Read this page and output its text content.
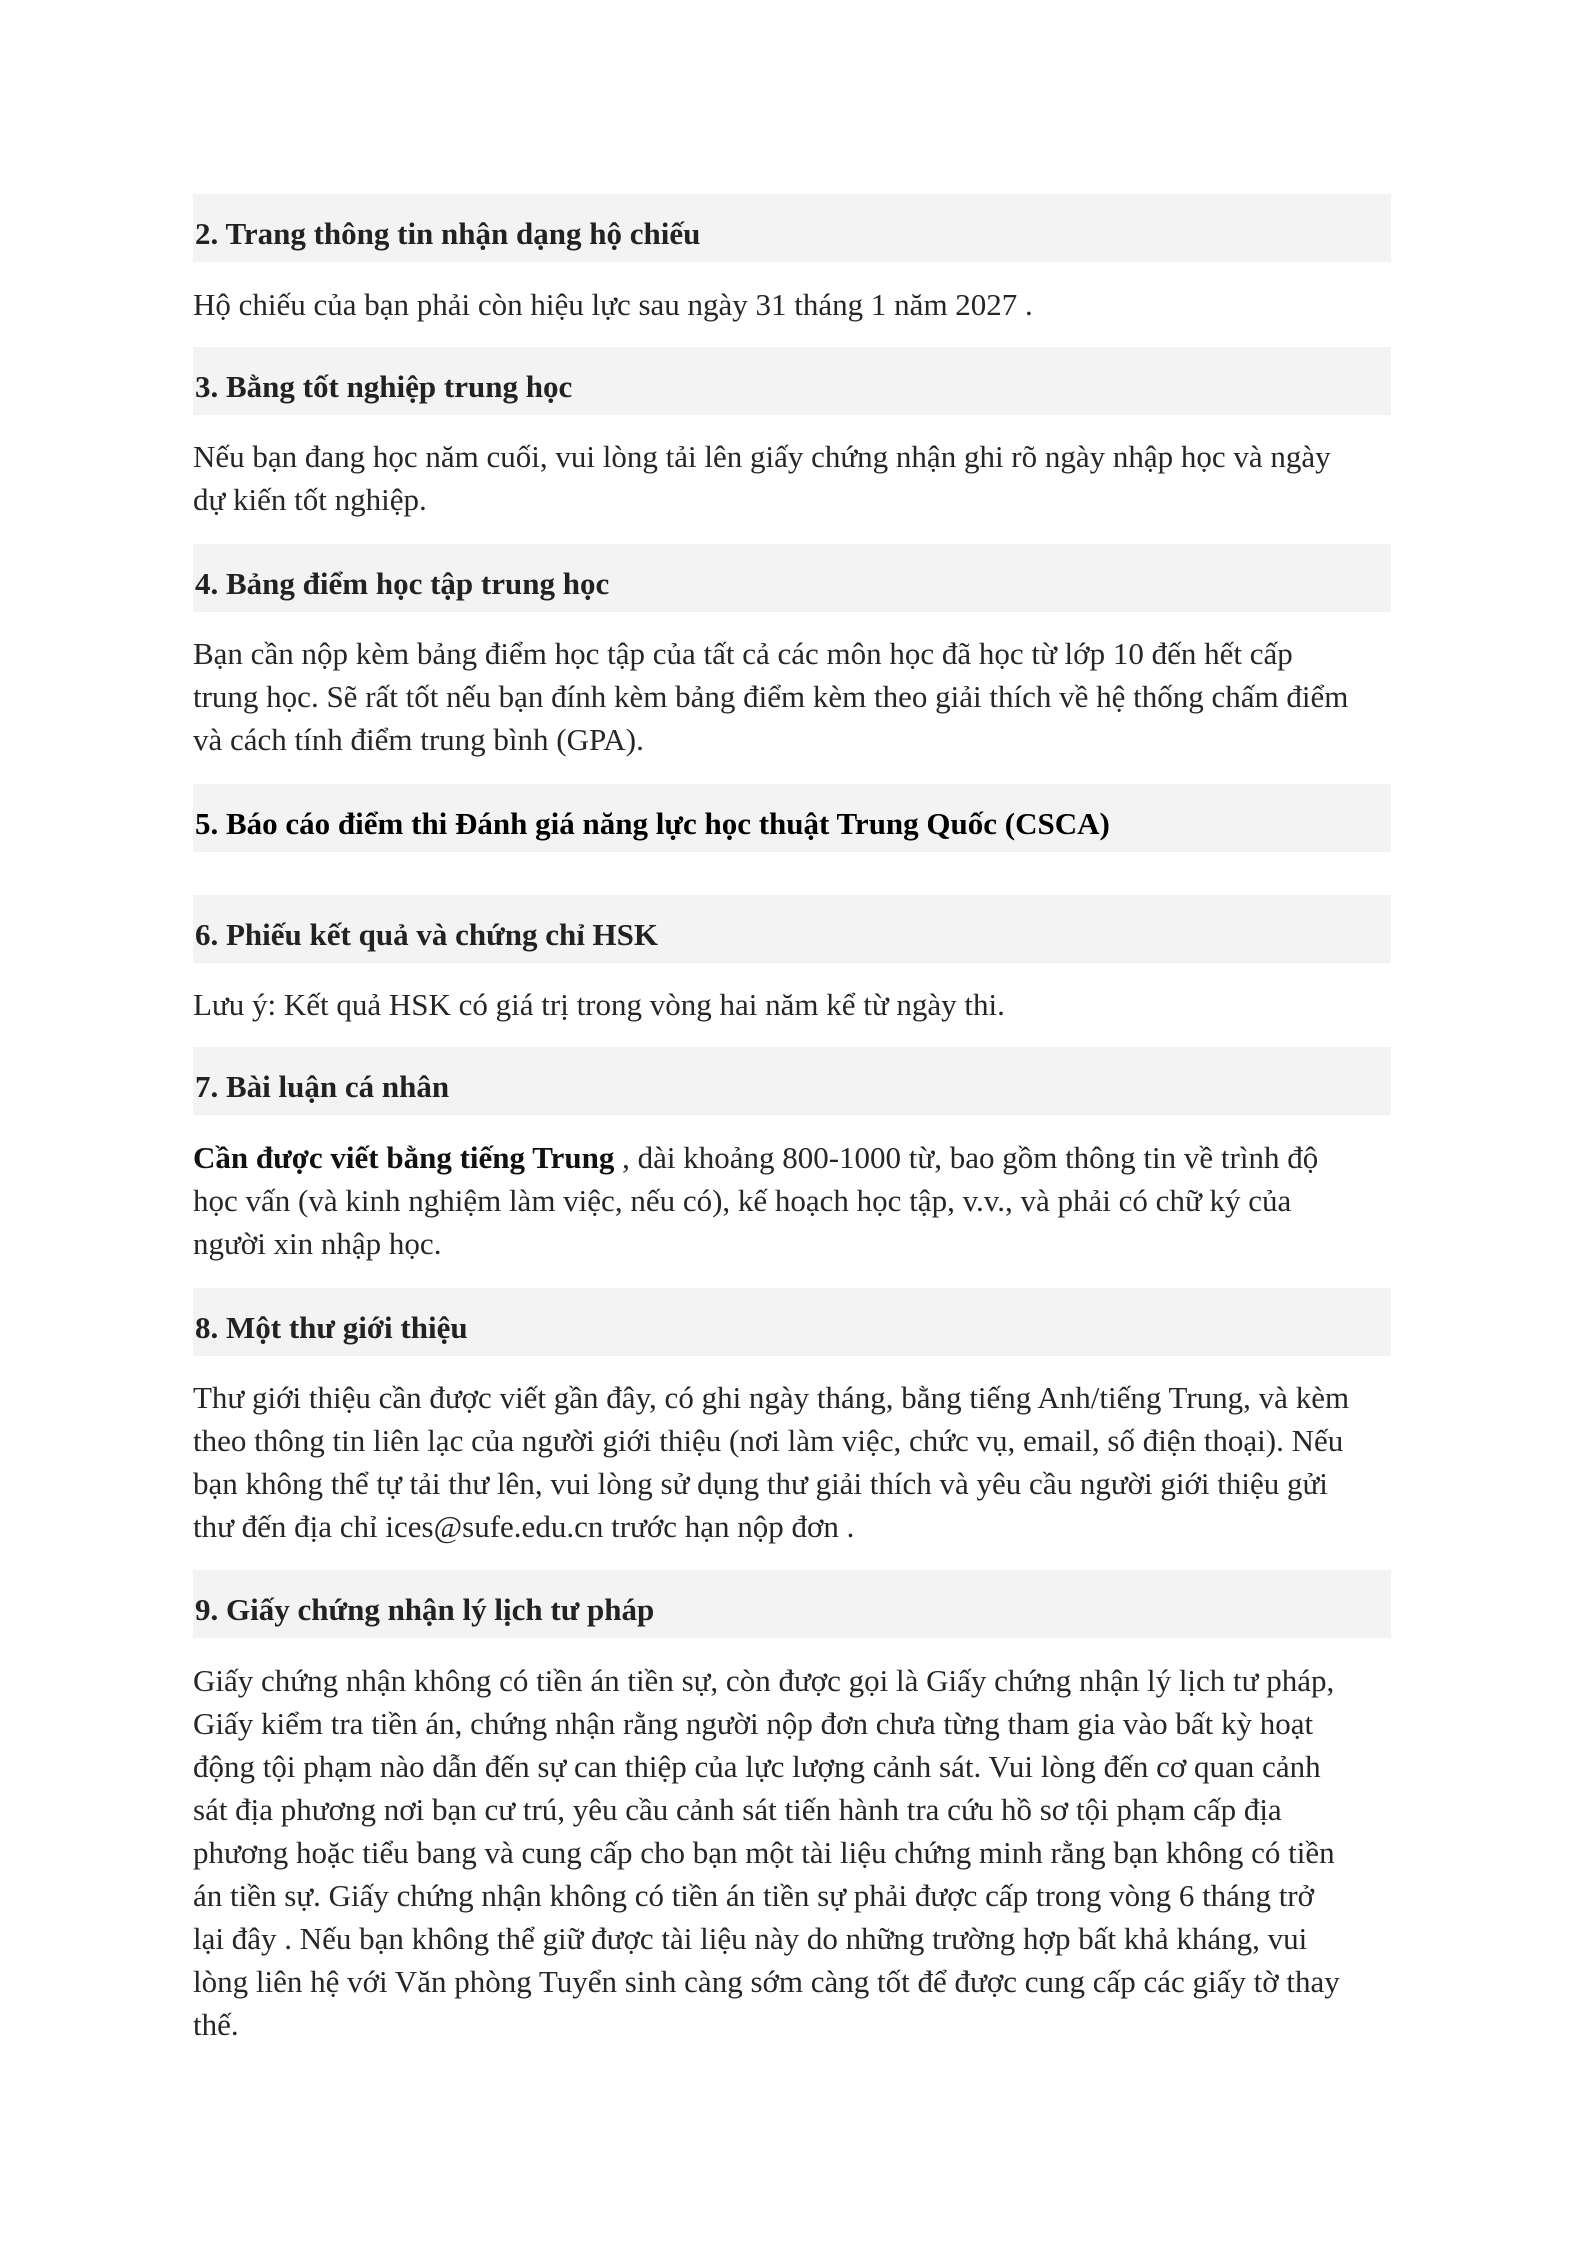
2. Trang thông tin nhận dạng hộ chiếu
Hộ chiếu của bạn phải còn hiệu lực sau ngày 31 tháng 1 năm 2027 .
3. Bằng tốt nghiệp trung học
Nếu bạn đang học năm cuối, vui lòng tải lên giấy chứng nhận ghi rõ ngày nhập học và ngày
dự kiến tốt nghiệp.
4. Bảng điểm học tập trung học
Bạn cần nộp kèm bảng điểm học tập của tất cả các môn học đã học từ lớp 10 đến hết cấp
trung học. Sẽ rất tốt nếu bạn đính kèm bảng điểm kèm theo giải thích về hệ thống chấm điểm
và cách tính điểm trung bình (GPA).
5. Báo cáo điểm thi Đánh giá năng lực học thuật Trung Quốc (CSCA)
6. Phiếu kết quả và chứng chỉ HSK
Lưu ý: Kết quả HSK có giá trị trong vòng hai năm kể từ ngày thi.
7. Bài luận cá nhân
Cần được viết bằng tiếng Trung , dài khoảng 800-1000 từ, bao gồm thông tin về trình độ
học vấn (và kinh nghiệm làm việc, nếu có), kế hoạch học tập, v.v., và phải có chữ ký của
người xin nhập học.
8. Một thư giới thiệu
Thư giới thiệu cần được viết gần đây, có ghi ngày tháng, bằng tiếng Anh/tiếng Trung, và kèm
theo thông tin liên lạc của người giới thiệu (nơi làm việc, chức vụ, email, số điện thoại). Nếu
bạn không thể tự tải thư lên, vui lòng sử dụng thư giải thích và yêu cầu người giới thiệu gửi
thư đến địa chỉ ices@sufe.edu.cn trước hạn nộp đơn .
9. Giấy chứng nhận lý lịch tư pháp
Giấy chứng nhận không có tiền án tiền sự, còn được gọi là Giấy chứng nhận lý lịch tư pháp,
Giấy kiểm tra tiền án, chứng nhận rằng người nộp đơn chưa từng tham gia vào bất kỳ hoạt
động tội phạm nào dẫn đến sự can thiệp của lực lượng cảnh sát. Vui lòng đến cơ quan cảnh
sát địa phương nơi bạn cư trú, yêu cầu cảnh sát tiến hành tra cứu hồ sơ tội phạm cấp địa
phương hoặc tiểu bang và cung cấp cho bạn một tài liệu chứng minh rằng bạn không có tiền
án tiền sự. Giấy chứng nhận không có tiền án tiền sự phải được cấp trong vòng 6 tháng trở
lại đây . Nếu bạn không thể giữ được tài liệu này do những trường hợp bất khả kháng, vui
lòng liên hệ với Văn phòng Tuyển sinh càng sớm càng tốt để được cung cấp các giấy tờ thay
thế.
